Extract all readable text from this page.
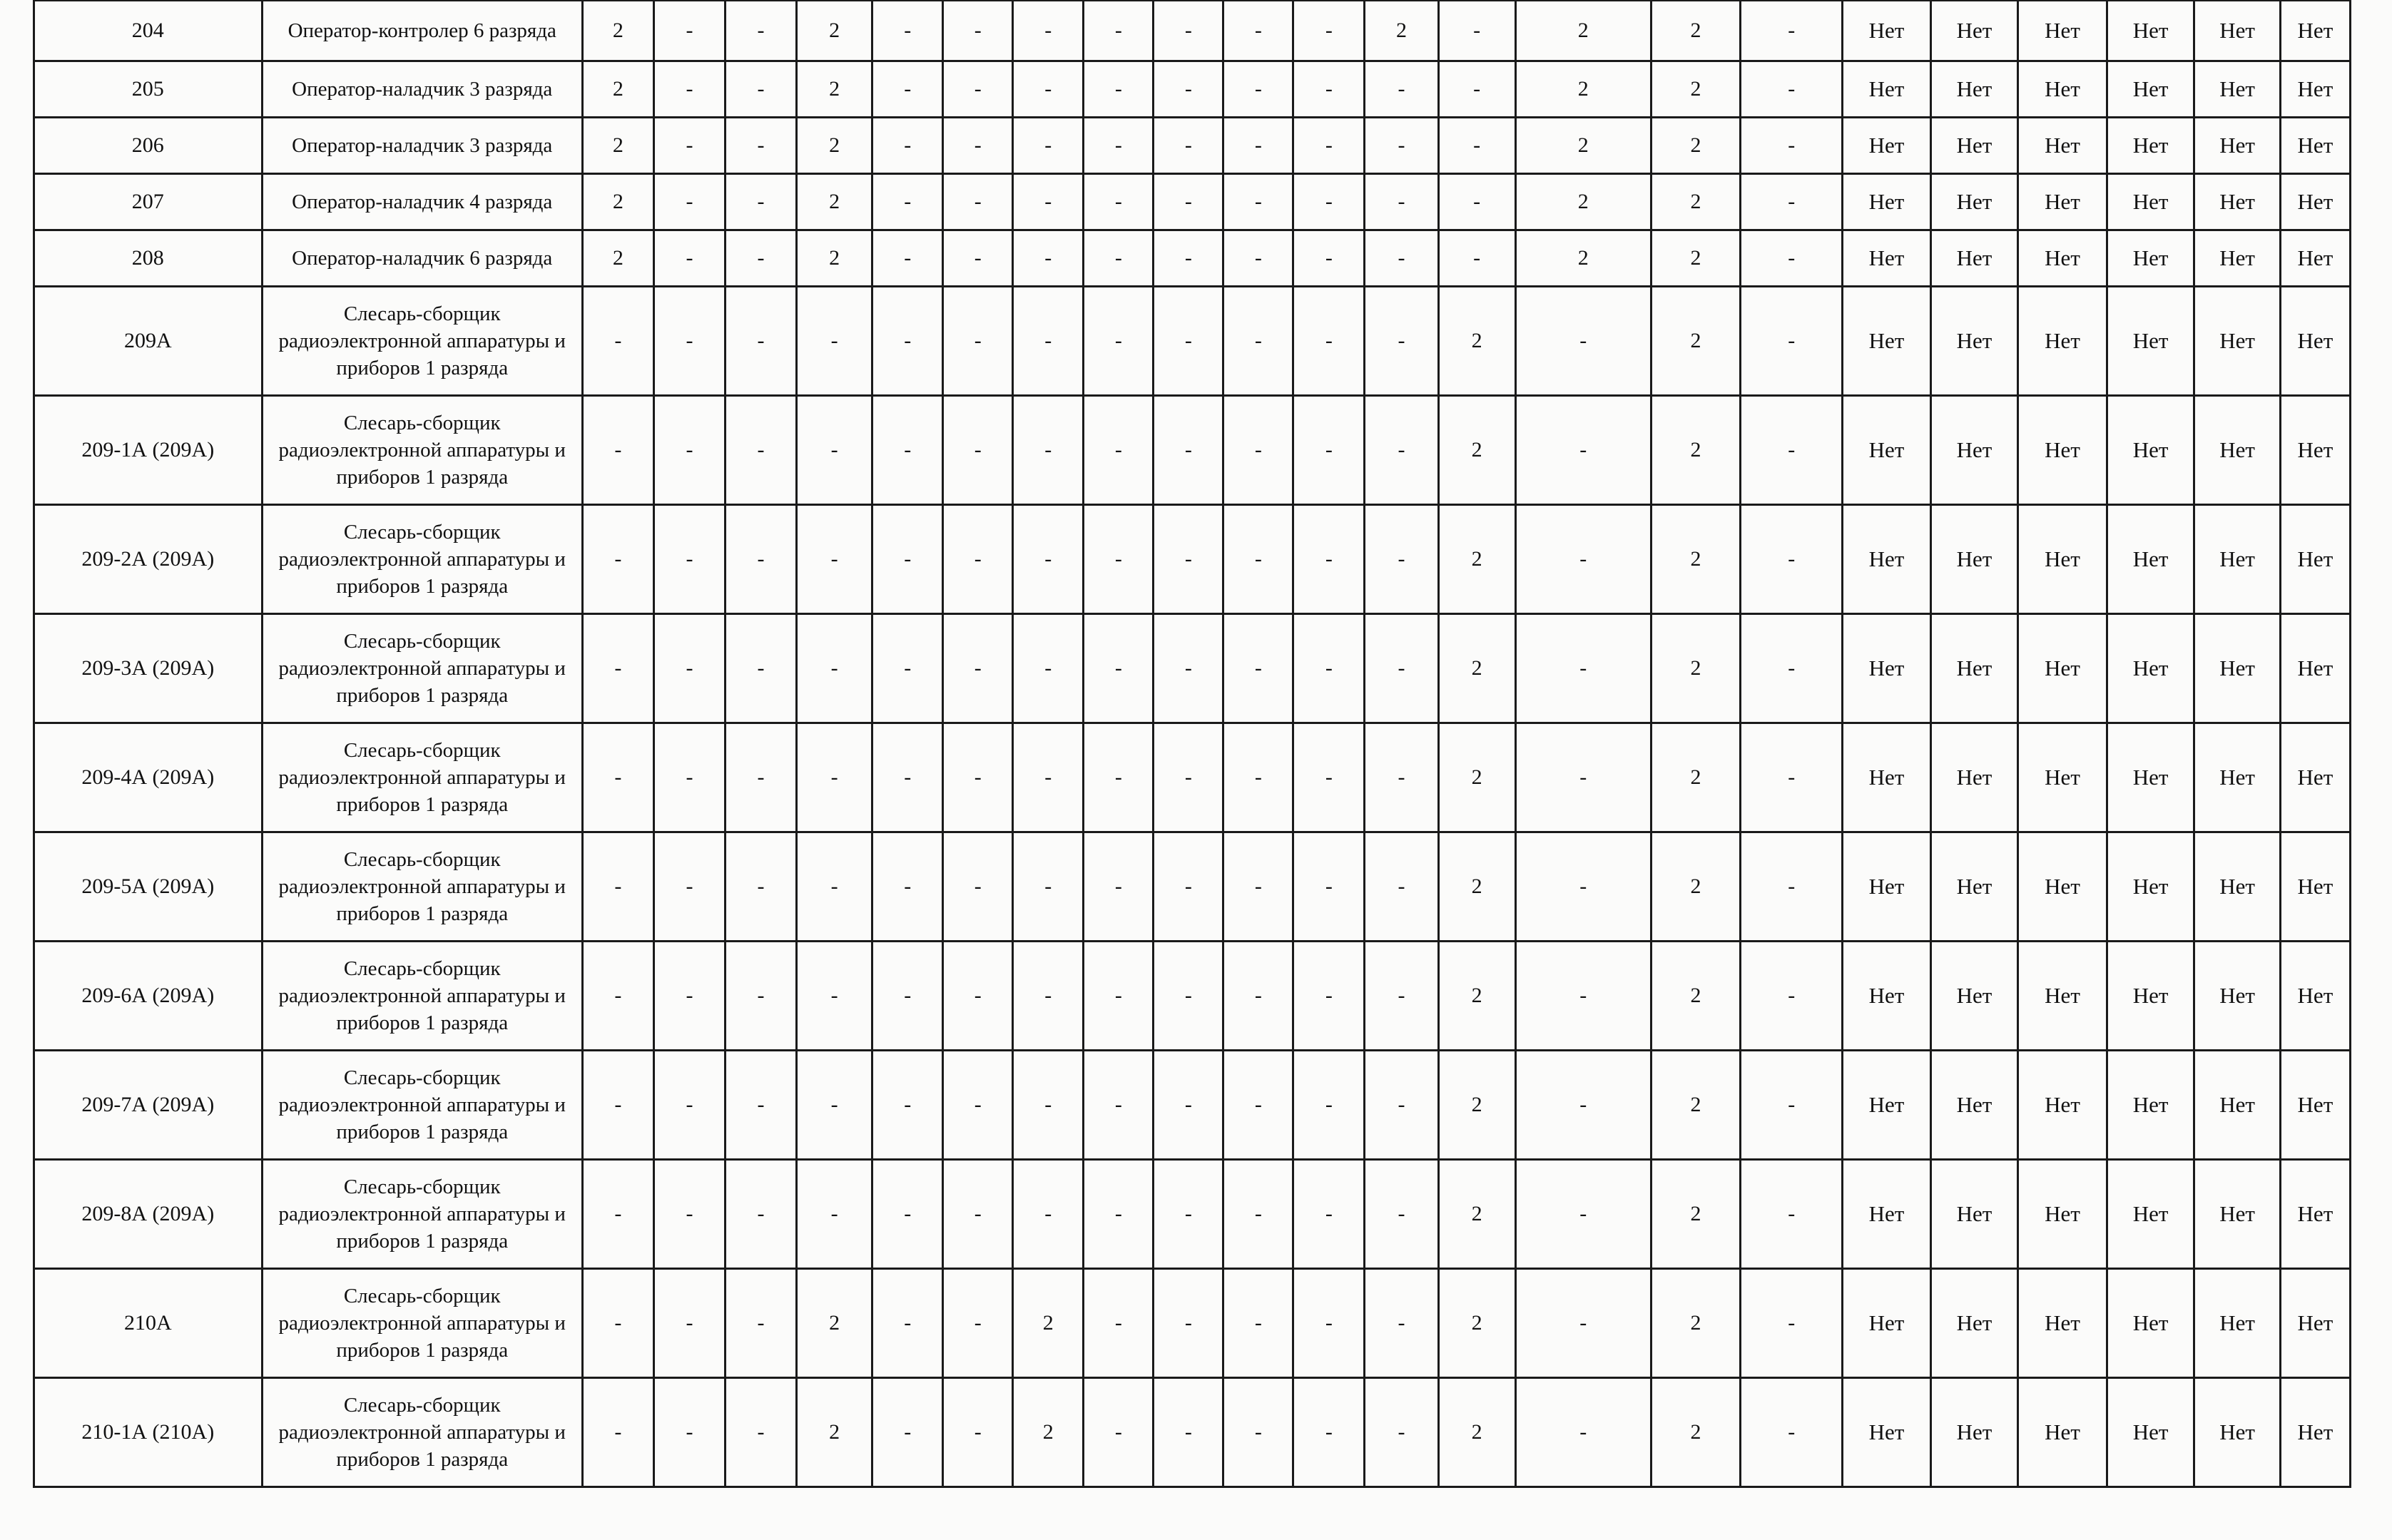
204	Оператор-контролер 6 разряда	2	-	-	2	-	-	-	-	-	-	-	2	-	2	2	-	Нет	Нет	Нет	Нет	Нет	Нет
205	Оператор-наладчик 3 разряда	2	-	-	2	-	-	-	-	-	-	-	-	-	2	2	-	Нет	Нет	Нет	Нет	Нет	Нет
206	Оператор-наладчик 3 разряда	2	-	-	2	-	-	-	-	-	-	-	-	-	2	2	-	Нет	Нет	Нет	Нет	Нет	Нет
207	Оператор-наладчик 4 разряда	2	-	-	2	-	-	-	-	-	-	-	-	-	2	2	-	Нет	Нет	Нет	Нет	Нет	Нет
208	Оператор-наладчик 6 разряда	2	-	-	2	-	-	-	-	-	-	-	-	-	2	2	-	Нет	Нет	Нет	Нет	Нет	Нет
209А	Слесарь-сборщик радиоэлектронной аппаратуры и приборов 1 разряда	-	-	-	-	-	-	-	-	-	-	-	-	2	-	2	-	Нет	Нет	Нет	Нет	Нет	Нет
209-1А (209А)	Слесарь-сборщик радиоэлектронной аппаратуры и приборов 1 разряда	-	-	-	-	-	-	-	-	-	-	-	-	2	-	2	-	Нет	Нет	Нет	Нет	Нет	Нет
209-2А (209А)	Слесарь-сборщик радиоэлектронной аппаратуры и приборов 1 разряда	-	-	-	-	-	-	-	-	-	-	-	-	2	-	2	-	Нет	Нет	Нет	Нет	Нет	Нет
209-3А (209А)	Слесарь-сборщик радиоэлектронной аппаратуры и приборов 1 разряда	-	-	-	-	-	-	-	-	-	-	-	-	2	-	2	-	Нет	Нет	Нет	Нет	Нет	Нет
209-4А (209А)	Слесарь-сборщик радиоэлектронной аппаратуры и приборов 1 разряда	-	-	-	-	-	-	-	-	-	-	-	-	2	-	2	-	Нет	Нет	Нет	Нет	Нет	Нет
209-5А (209А)	Слесарь-сборщик радиоэлектронной аппаратуры и приборов 1 разряда	-	-	-	-	-	-	-	-	-	-	-	-	2	-	2	-	Нет	Нет	Нет	Нет	Нет	Нет
209-6А (209А)	Слесарь-сборщик радиоэлектронной аппаратуры и приборов 1 разряда	-	-	-	-	-	-	-	-	-	-	-	-	2	-	2	-	Нет	Нет	Нет	Нет	Нет	Нет
209-7А (209А)	Слесарь-сборщик радиоэлектронной аппаратуры и приборов 1 разряда	-	-	-	-	-	-	-	-	-	-	-	-	2	-	2	-	Нет	Нет	Нет	Нет	Нет	Нет
209-8А (209А)	Слесарь-сборщик радиоэлектронной аппаратуры и приборов 1 разряда	-	-	-	-	-	-	-	-	-	-	-	-	2	-	2	-	Нет	Нет	Нет	Нет	Нет	Нет
210А	Слесарь-сборщик радиоэлектронной аппаратуры и приборов 1 разряда	-	-	-	2	-	-	2	-	-	-	-	-	2	-	2	-	Нет	Нет	Нет	Нет	Нет	Нет
210-1А (210А)	Слесарь-сборщик радиоэлектронной аппаратуры и приборов 1 разряда	-	-	-	2	-	-	2	-	-	-	-	-	2	-	2	-	Нет	Нет	Нет	Нет	Нет	Нет
